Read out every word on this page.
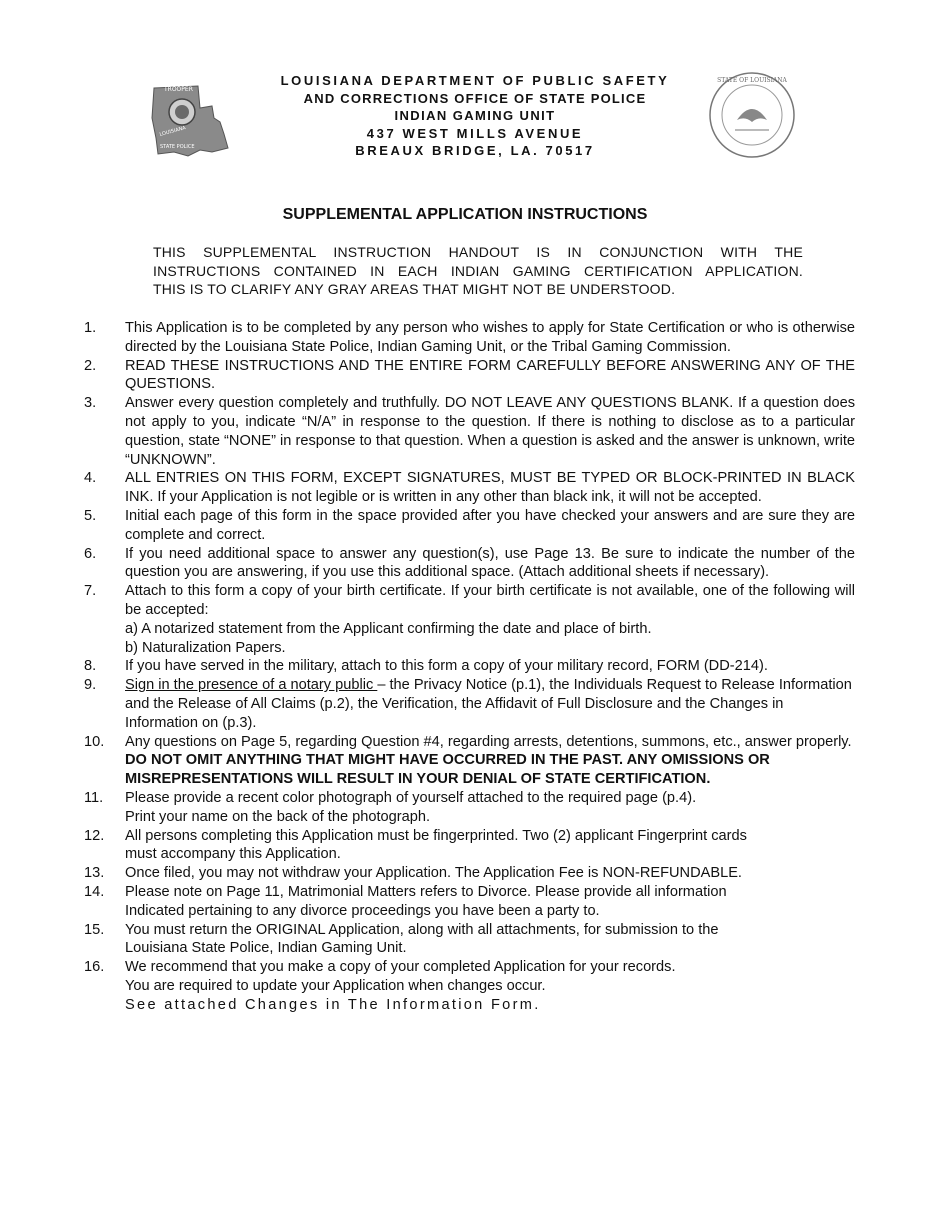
TROOPER
LOUISIANA
STATE POLICE
LOUISIANA DEPARTMENT OF PUBLIC SAFETY
AND CORRECTIONS OFFICE OF STATE POLICE
INDIAN GAMING UNIT
437 WEST MILLS AVENUE
BREAUX BRIDGE, LA. 70517
STATE OF LOUISIANA
SUPPLEMENTAL APPLICATION INSTRUCTIONS
THIS SUPPLEMENTAL INSTRUCTION HANDOUT IS IN CONJUNCTION WITH THE
INSTRUCTIONS CONTAINED IN EACH INDIAN GAMING CERTIFICATION APPLICATION.
THIS IS TO CLARIFY ANY GRAY AREAS THAT MIGHT NOT BE UNDERSTOOD.
1. This Application is to be completed by any person who wishes to apply for State Certification or who is otherwise directed by the Louisiana State Police, Indian Gaming Unit, or the Tribal Gaming Commission.
2. READ THESE INSTRUCTIONS AND THE ENTIRE FORM CAREFULLY BEFORE ANSWERING ANY OF THE QUESTIONS.
3. Answer every question completely and truthfully. DO NOT LEAVE ANY QUESTIONS BLANK. If a question does not apply to you, indicate “N/A” in response to the question. If there is nothing to disclose as to a particular question, state “NONE” in response to that question. When a question is asked and the answer is unknown, write “UNKNOWN”.
4. ALL ENTRIES ON THIS FORM, EXCEPT SIGNATURES, MUST BE TYPED OR BLOCK-PRINTED IN BLACK INK. If your Application is not legible or is written in any other than black ink, it will not be accepted.
5. Initial each page of this form in the space provided after you have checked your answers and are sure they are complete and correct.
6. If you need additional space to answer any question(s), use Page 13. Be sure to indicate the number of the question you are answering, if you use this additional space. (Attach additional sheets if necessary).
7. Attach to this form a copy of your birth certificate. If your birth certificate is not available, one of the following will be accepted:
a) A notarized statement from the Applicant confirming the date and place of birth.
b) Naturalization Papers.
8. If you have served in the military, attach to this form a copy of your military record, FORM (DD-214).
9. Sign in the presence of a notary public – the Privacy Notice (p.1), the Individuals Request to Release Information and the Release of All Claims (p.2), the Verification, the Affidavit of Full Disclosure and the Changes in Information on (p.3).
10. Any questions on Page 5, regarding Question #4, regarding arrests, detentions, summons, etc., answer properly. DO NOT OMIT ANYTHING THAT MIGHT HAVE OCCURRED IN THE PAST. ANY OMISSIONS OR MISREPRESENTATIONS WILL RESULT IN YOUR DENIAL OF STATE CERTIFICATION.
11. Please provide a recent color photograph of yourself attached to the required page (p.4).
Print your name on the back of the photograph.
12. All persons completing this Application must be fingerprinted. Two (2) applicant Fingerprint cards
must accompany this Application.
13. Once filed, you may not withdraw your Application. The Application Fee is NON-REFUNDABLE.
14. Please note on Page 11, Matrimonial Matters refers to Divorce. Please provide all information
Indicated pertaining to any divorce proceedings you have been a party to.
15. You must return the ORIGINAL Application, along with all attachments, for submission to the
Louisiana State Police, Indian Gaming Unit.
16. We recommend that you make a copy of your completed Application for your records.
You are required to update your Application when changes occur.
See attached Changes in The Information Form.
